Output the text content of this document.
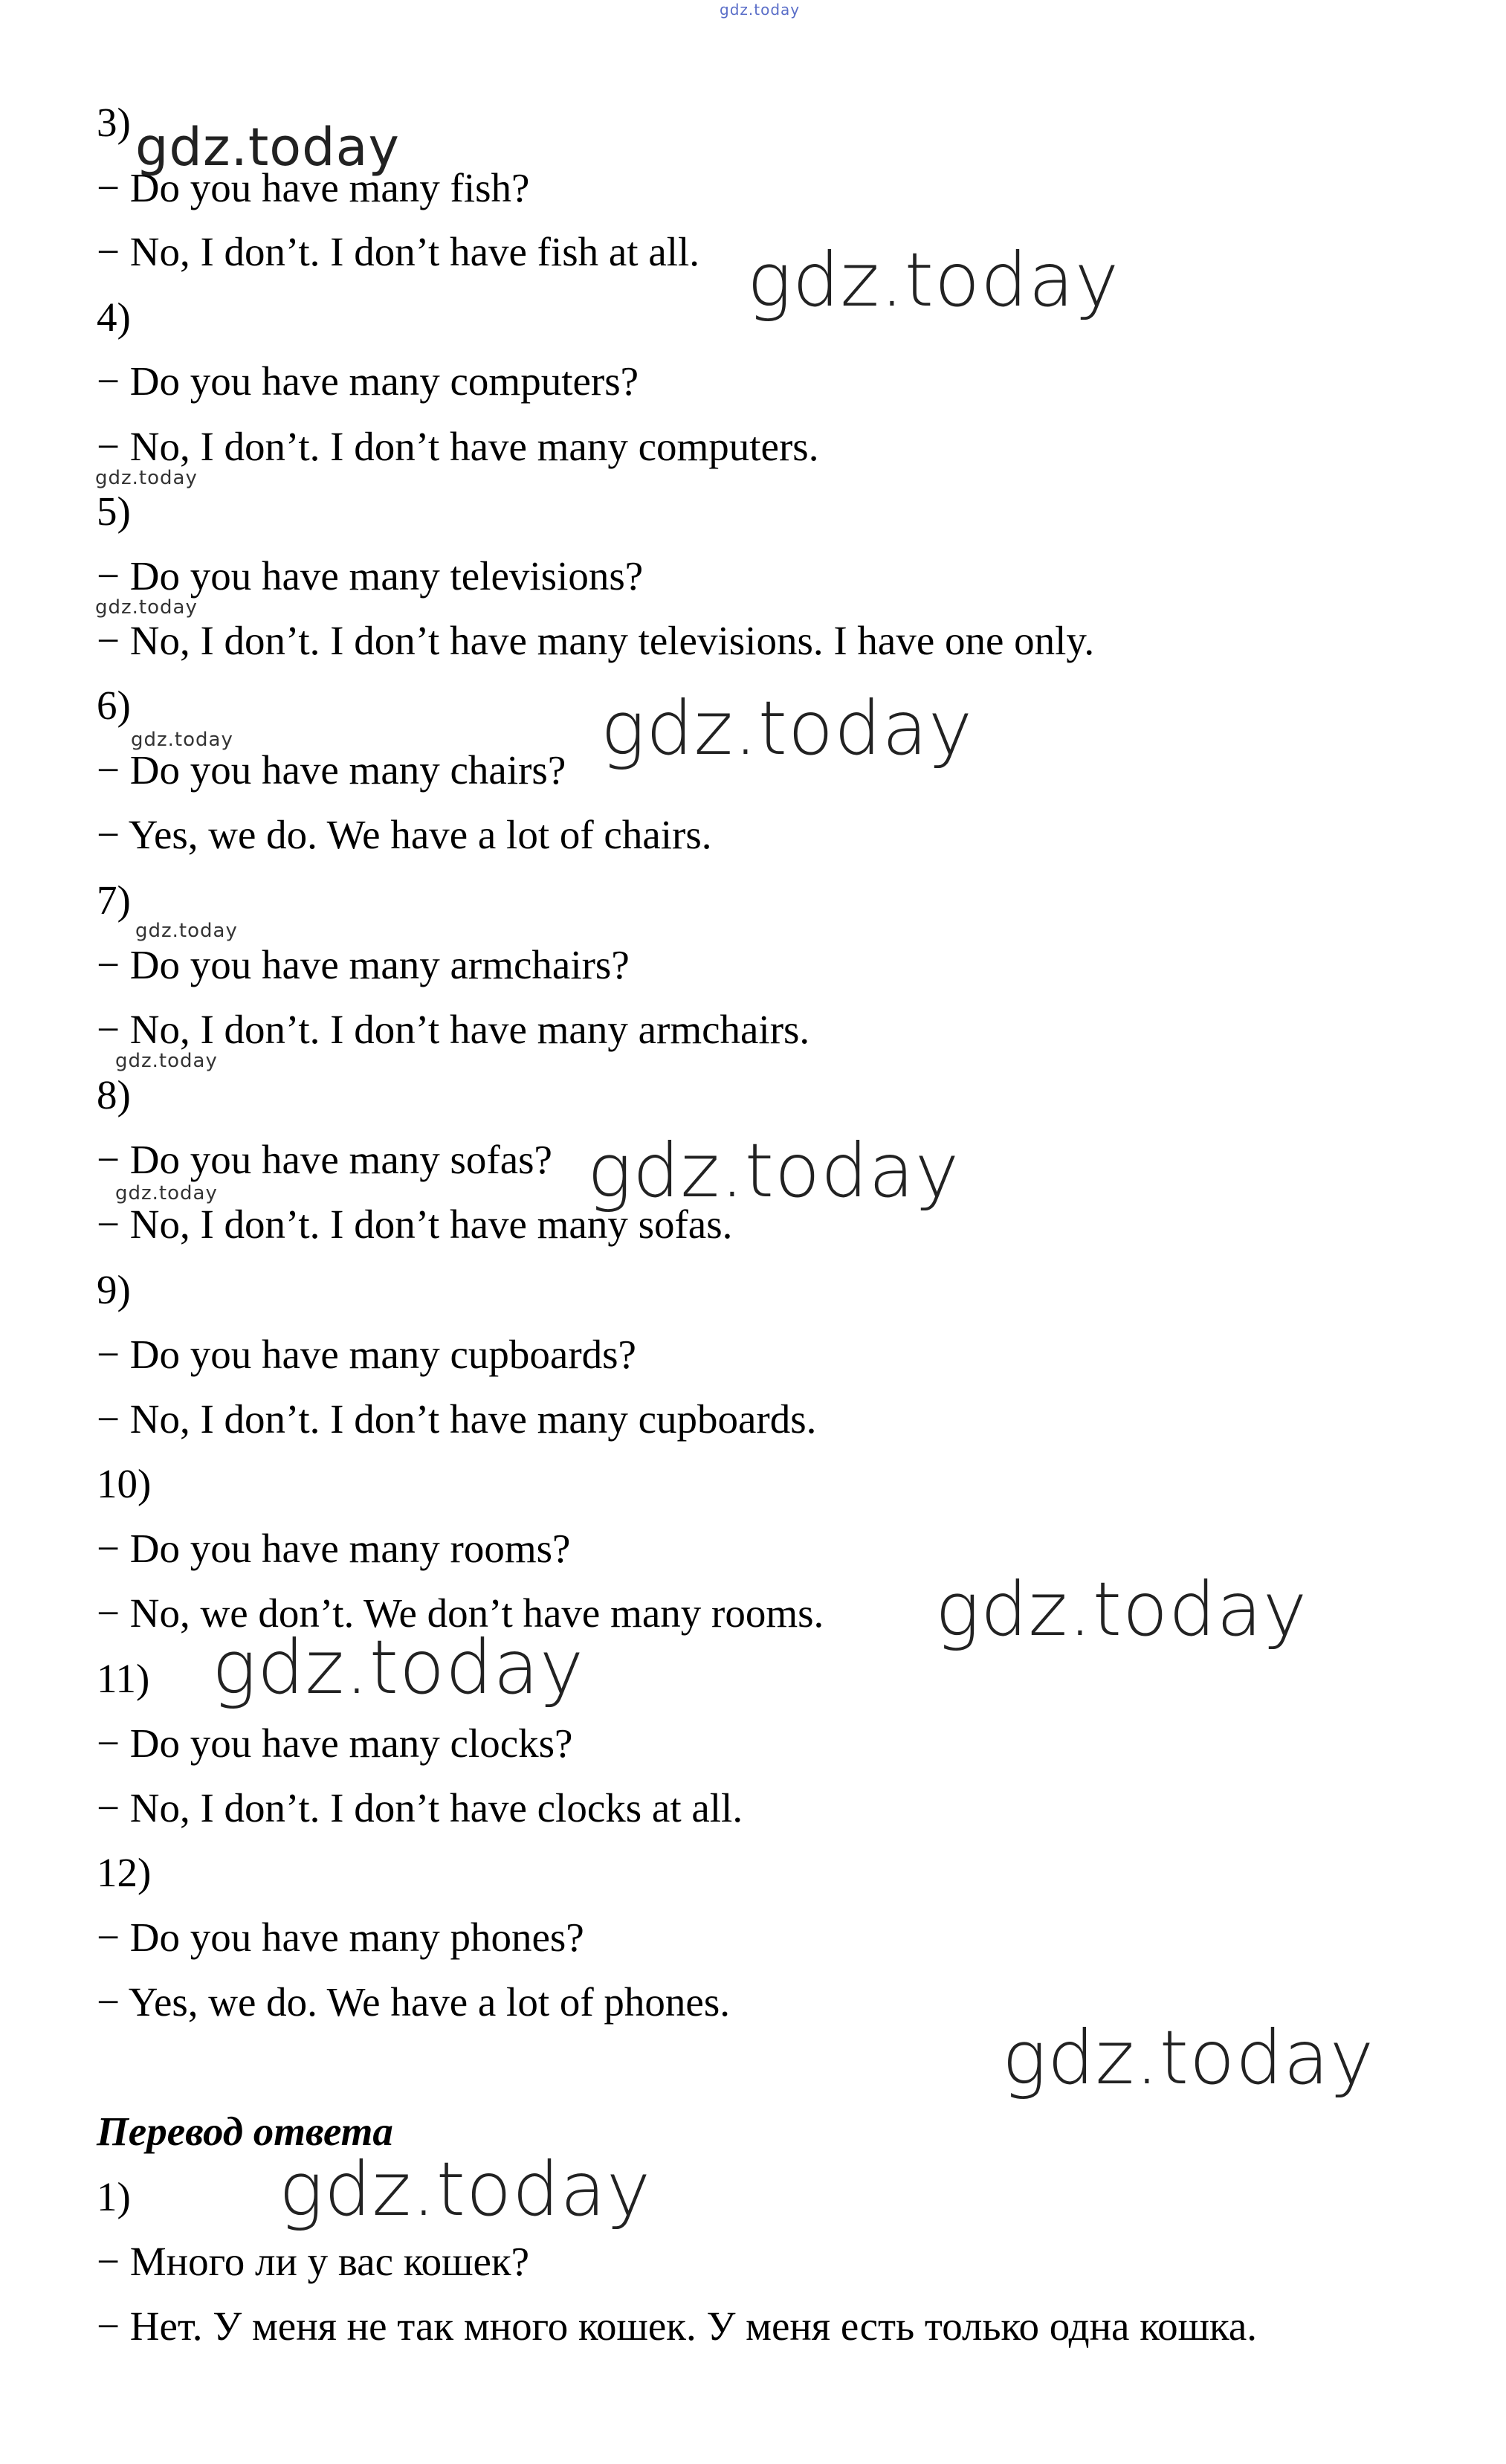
gdz.today
3)
− Do you have many fish?
− No, I don’t. I don’t have fish at all.
4)
− Do you have many computers?
− No, I don’t. I don’t have many computers.
5)
− Do you have many televisions?
− No, I don’t. I don’t have many televisions. I have one only.
6)
− Do you have many chairs?
− Yes, we do. We have a lot of chairs.
7)
− Do you have many armchairs?
− No, I don’t. I don’t have many armchairs.
8)
− Do you have many sofas?
− No, I don’t. I don’t have many sofas.
9)
− Do you have many cupboards?
− No, I don’t. I don’t have many cupboards.
10)
− Do you have many rooms?
− No, we don’t. We don’t have many rooms.
11)
− Do you have many clocks?
− No, I don’t. I don’t have clocks at all.
12)
− Do you have many phones?
− Yes, we do. We have a lot of phones.
Перевод ответа
1)
− Много ли у вас кошек?
− Нет. У меня не так много кошек. У меня есть только одна кошка.
gdz.today
gdz.today
gdz.today
gdz.today
gdz.today
gdz.today
gdz.today
gdz.today
gdz.today
gdz.today
gdz.today
gdz.today
gdz.today
gdz.today
